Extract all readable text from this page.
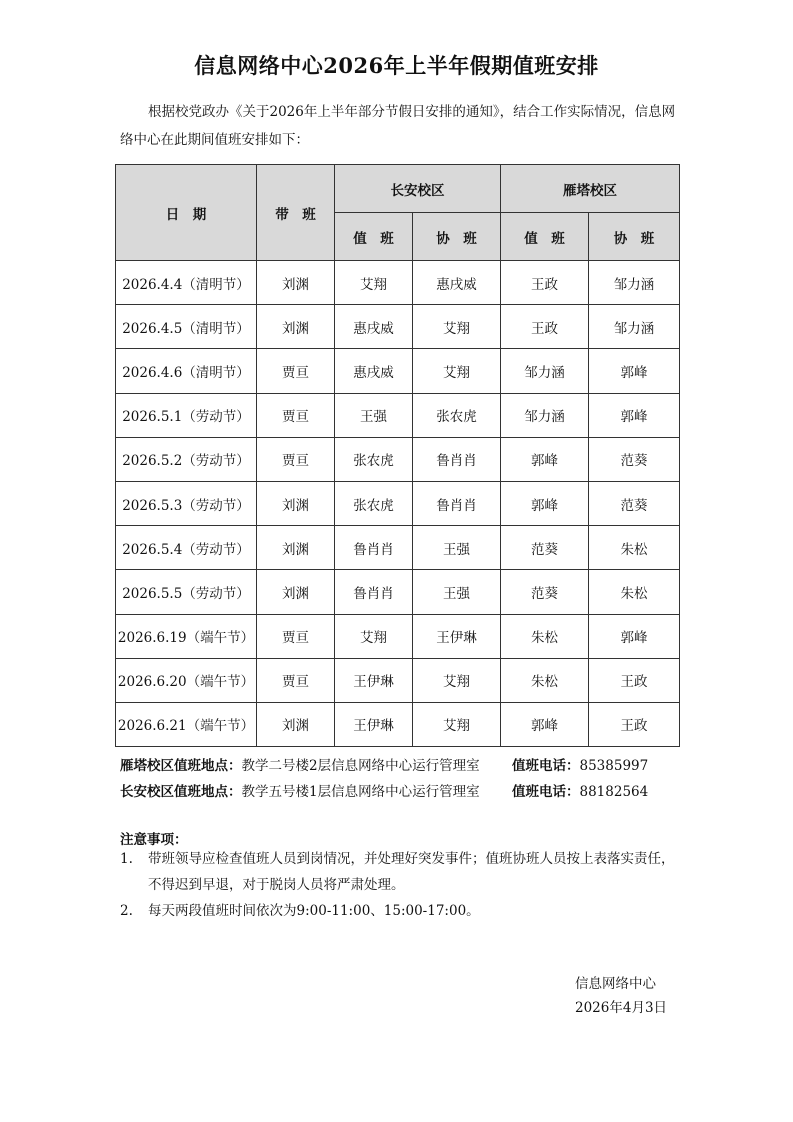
信息网络中心2026年上半年假期值班安排
根据校党政办《关于2026年上半年部分节假日安排的通知》，结合工作实际情况，信息网络中心在此期间值班安排如下：
日　期	带　班	长安校区		雁塔校区	
		值　班	协　班	值　班	协　班
2026.4.4（清明节）	刘渊	艾翔	惠戌威	王政	邹力涵
2026.4.5（清明节）	刘渊	惠戌威	艾翔	王政	邹力涵
2026.4.6（清明节）	贾亘	惠戌威	艾翔	邹力涵	郭峰
2026.5.1（劳动节）	贾亘	王强	张农虎	邹力涵	郭峰
2026.5.2（劳动节）	贾亘	张农虎	鲁肖肖	郭峰	范葵
2026.5.3（劳动节）	刘渊	张农虎	鲁肖肖	郭峰	范葵
2026.5.4（劳动节）	刘渊	鲁肖肖	王强	范葵	朱松
2026.5.5（劳动节）	刘渊	鲁肖肖	王强	范葵	朱松
2026.6.19（端午节）	贾亘	艾翔	王伊琳	朱松	郭峰
2026.6.20（端午节）	贾亘	王伊琳	艾翔	朱松	王政
2026.6.21（端午节）	刘渊	王伊琳	艾翔	郭峰	王政
雁塔校区值班地点：教学二号楼2层信息网络中心运行管理室 值班电话：85385997
长安校区值班地点：教学五号楼1层信息网络中心运行管理室 值班电话：88182564
注意事项：
1. 带班领导应检查值班人员到岗情况，并处理好突发事件；值班协班人员按上表落实责任，不得迟到早退，对于脱岗人员将严肃处理。
2. 每天两段值班时间依次为9:00-11:00、15:00-17:00。
信息网络中心
2026年4月3日
